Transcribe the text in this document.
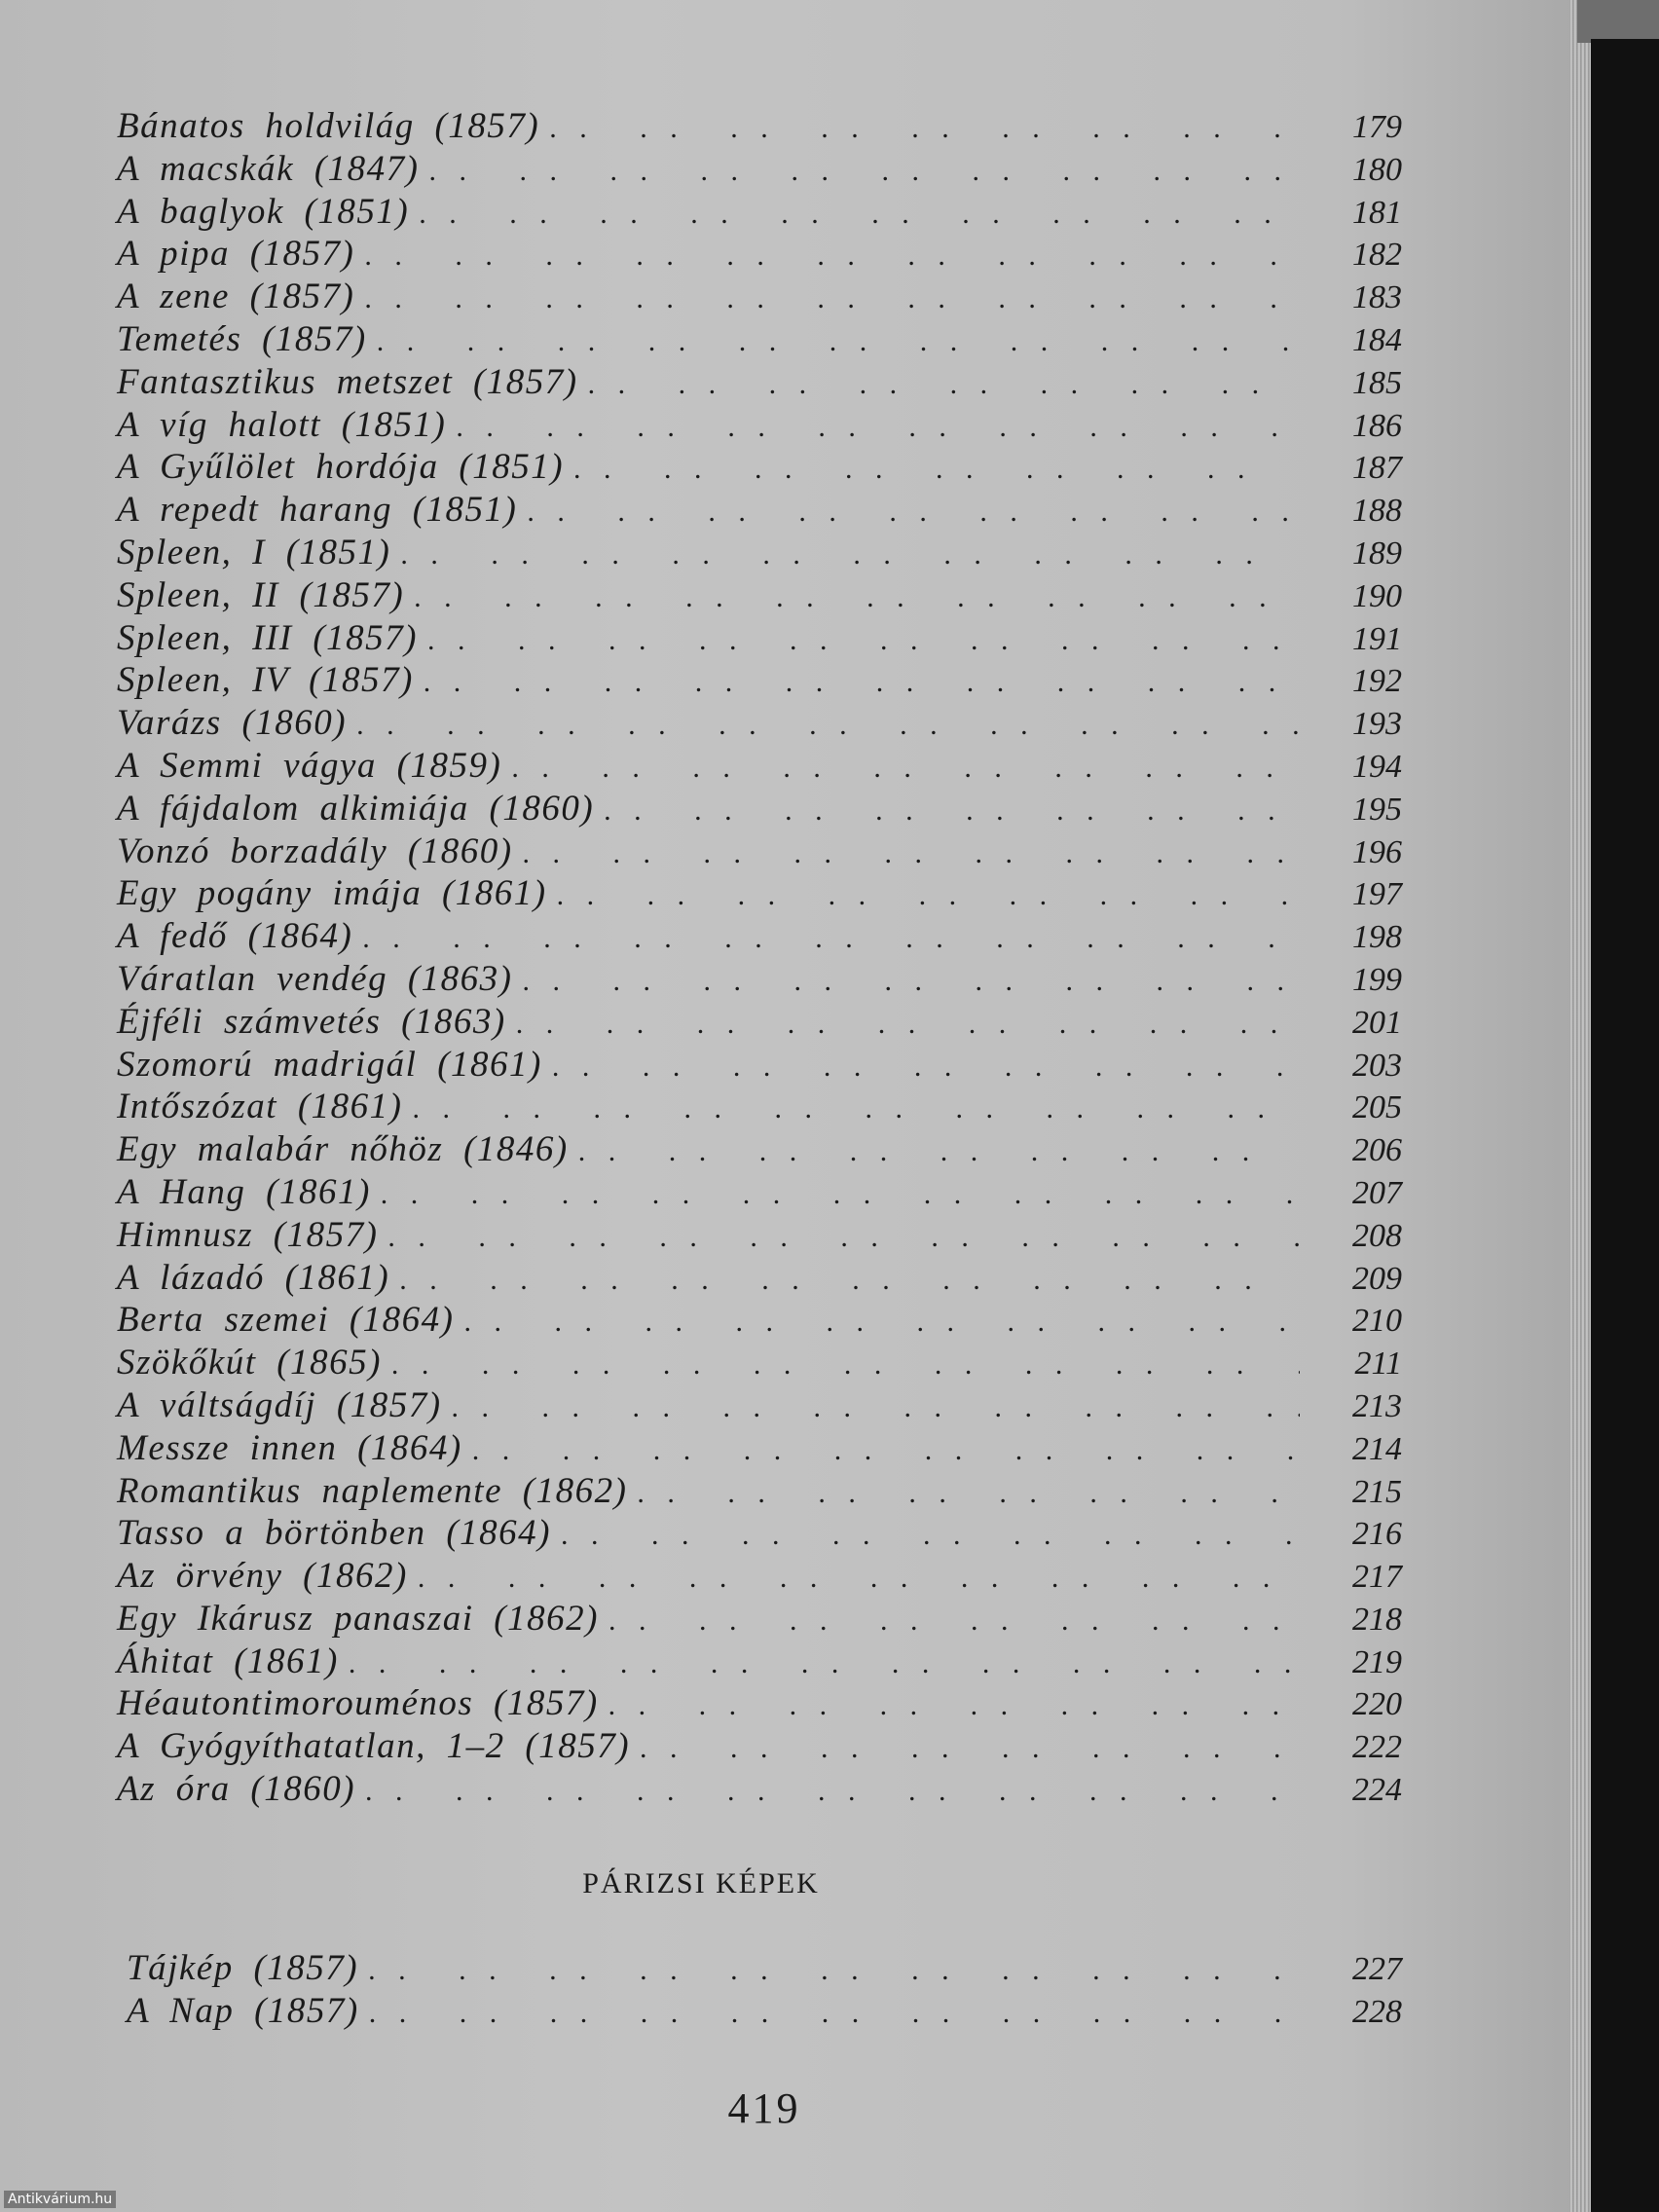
Bánatos holdvilág (1857) . .	179
A macskák (1847) . .	180
A baglyok (1851) . .	181
A pipa (1857) . .	182
A zene (1857) . .	183
Temetés (1857) . .	184
Fantasztikus metszet (1857) . .	185
A víg halott (1851) . .	186
A Gyűlölet hordója (1851) . .	187
A repedt harang (1851) . .	188
Spleen, I (1851) . .	189
Spleen, II (1857) . .	190
Spleen, III (1857) . .	191
Spleen, IV (1857) . .	192
Varázs (1860) . .	193
A Semmi vágya (1859) . .	194
A fájdalom alkimiája (1860) . .	195
Vonzó borzadály (1860) . .	196
Egy pogány imája (1861) . .	197
A fedő (1864) . .	198
Váratlan vendég (1863) . .	199
Éjféli számvetés (1863) . .	201
Szomorú madrigál (1861) . .	203
Intőszózat (1861) . .	205
Egy malabár nőhöz (1846) . .	206
A Hang (1861) . .	207
Himnusz (1857) . .	208
A lázadó (1861) . .	209
Berta szemei (1864) . .	210
Szökőkút (1865) . .	211
A váltságdíj (1857) . .	213
Messze innen (1864) . .	214
Romantikus naplemente (1862) . .	215
Tasso a börtönben (1864) . .	216
Az örvény (1862) . .	217
Egy Ikárusz panaszai (1862) . .	218
Áhitat (1861) . .	219
Héautontimorouménos (1857) . .	220
A Gyógyíthatatlan, 1–2 (1857) . .	222
Az óra (1860) . .	224
PÁRIZSI KÉPEK
Tájkép (1857) . .	227
A Nap (1857) . .	228
419
Antikvárium.hu
